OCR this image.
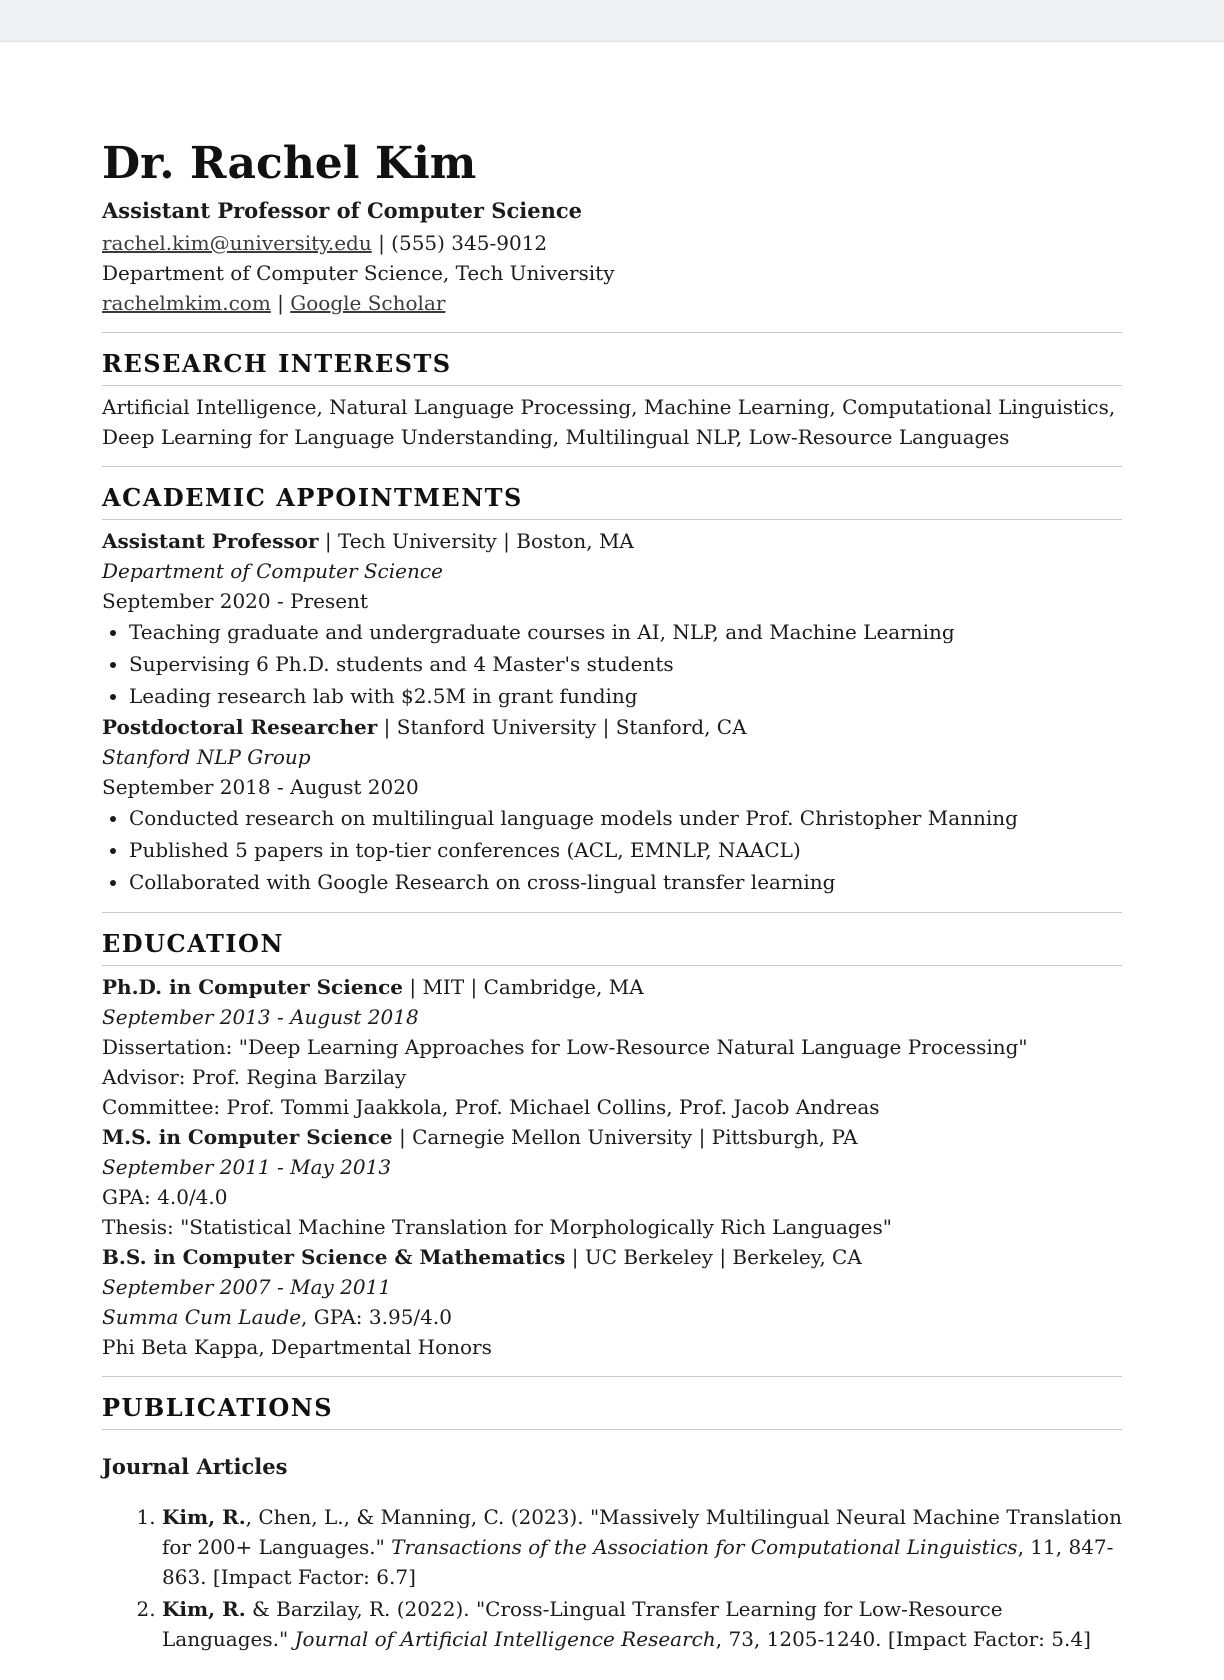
Dr. Rachel Kim
Assistant Professor of Computer Science
rachel.kim@university.edu | (555) 345-9012
Department of Computer Science, Tech University
rachelmkim.com | Google Scholar
RESEARCH INTERESTS
Artificial Intelligence, Natural Language Processing, Machine Learning, Computational Linguistics, Deep Learning for Language Understanding, Multilingual NLP, Low-Resource Languages
ACADEMIC APPOINTMENTS
Assistant Professor | Tech University | Boston, MA
Department of Computer Science
September 2020 - Present
• Teaching graduate and undergraduate courses in AI, NLP, and Machine Learning
• Supervising 6 Ph.D. students and 4 Master's students
• Leading research lab with $2.5M in grant funding
Postdoctoral Researcher | Stanford University | Stanford, CA
Stanford NLP Group
September 2018 - August 2020
• Conducted research on multilingual language models under Prof. Christopher Manning
• Published 5 papers in top-tier conferences (ACL, EMNLP, NAACL)
• Collaborated with Google Research on cross-lingual transfer learning
EDUCATION
Ph.D. in Computer Science | MIT | Cambridge, MA
September 2013 - August 2018
Dissertation: "Deep Learning Approaches for Low-Resource Natural Language Processing"
Advisor: Prof. Regina Barzilay
Committee: Prof. Tommi Jaakkola, Prof. Michael Collins, Prof. Jacob Andreas
M.S. in Computer Science | Carnegie Mellon University | Pittsburgh, PA
September 2011 - May 2013
GPA: 4.0/4.0
Thesis: "Statistical Machine Translation for Morphologically Rich Languages"
B.S. in Computer Science & Mathematics | UC Berkeley | Berkeley, CA
September 2007 - May 2011
Summa Cum Laude, GPA: 3.95/4.0
Phi Beta Kappa, Departmental Honors
PUBLICATIONS
Journal Articles
1. Kim, R., Chen, L., & Manning, C. (2023). "Massively Multilingual Neural Machine Translation for 200+ Languages." Transactions of the Association for Computational Linguistics, 11, 847-863. [Impact Factor: 6.7]
2. Kim, R. & Barzilay, R. (2022). "Cross-Lingual Transfer Learning for Low-Resource Languages." Journal of Artificial Intelligence Research, 73, 1205-1240. [Impact Factor: 5.4]
